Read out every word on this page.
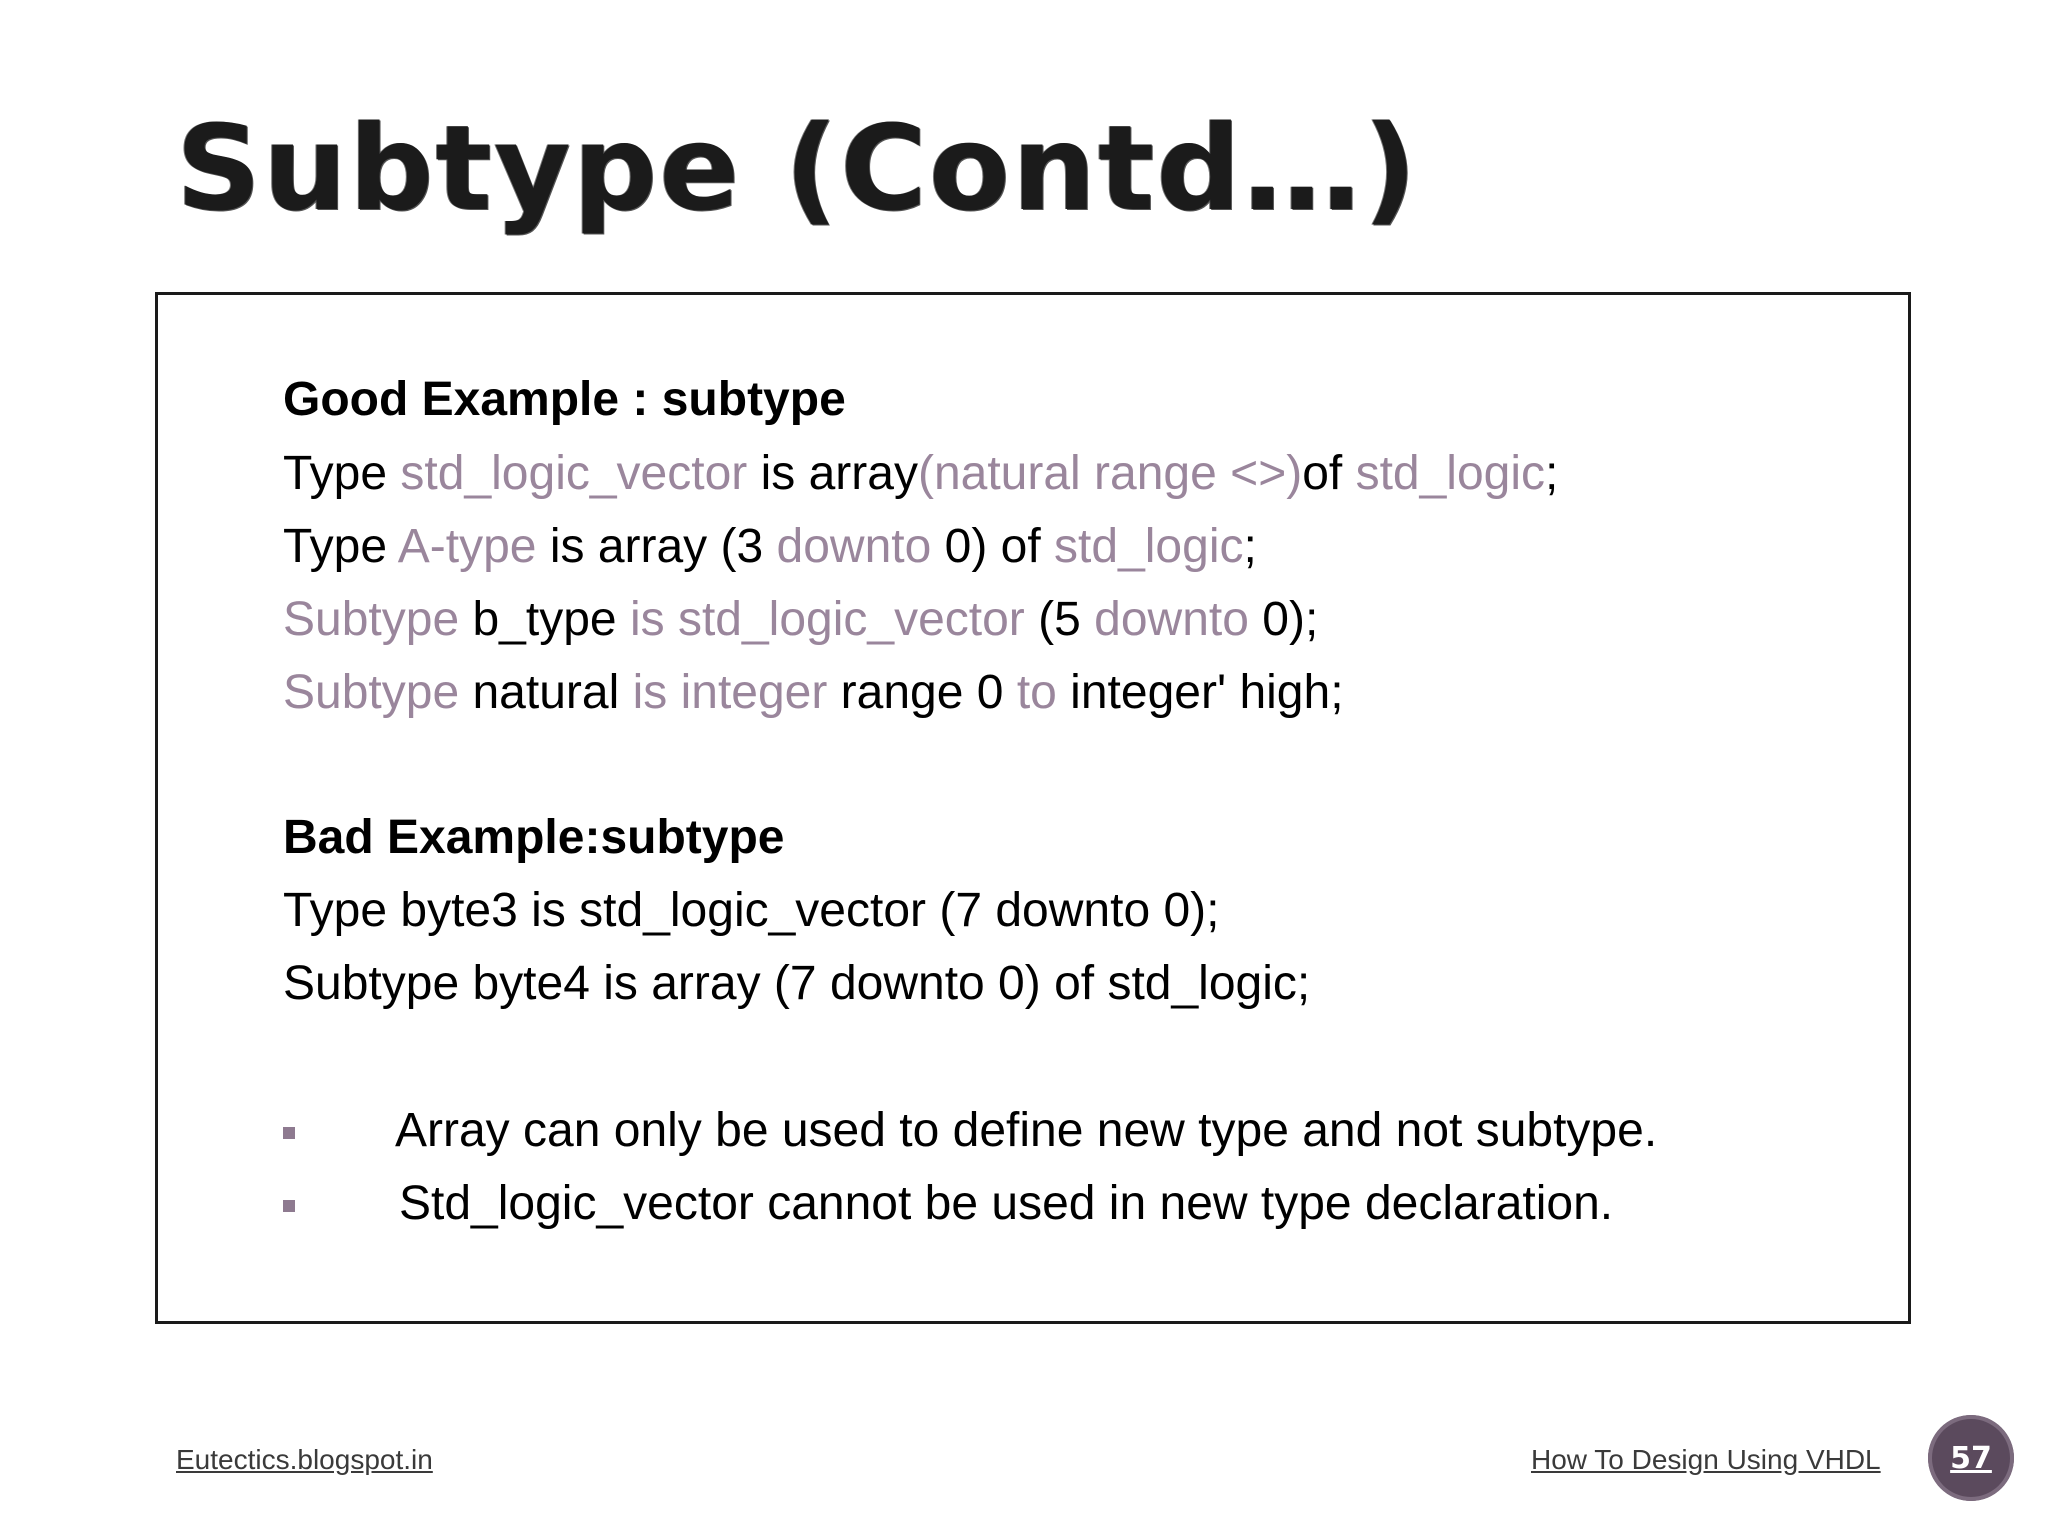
Subtype (Contd…)
Good Example : subtype
Type std_logic_vector is array(natural range <>)of std_logic;
Type A-type is array (3 downto 0) of std_logic;
Subtype b_type is std_logic_vector (5 downto 0);
Subtype natural is integer range 0 to integer' high;
Bad Example:subtype
Type byte3 is std_logic_vector (7 downto 0);
Subtype byte4 is array (7 downto 0) of std_logic;
Array can only be used to define new type and not subtype.
Std_logic_vector cannot be used in new type declaration.
Eutectics.blogspot.in	How To Design Using VHDL	57
